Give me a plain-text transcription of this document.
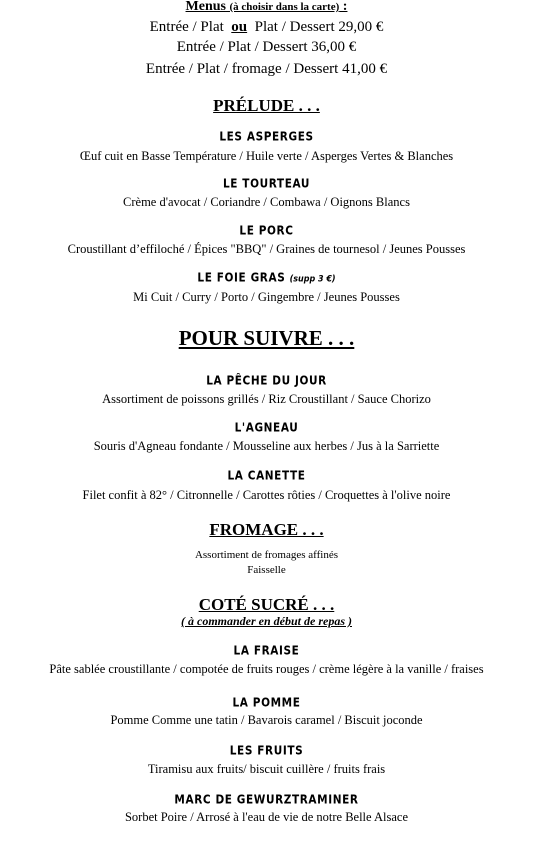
Menus (à choisir dans la carte) :
Entrée / Plat ou Plat / Dessert 29,00 €
Entrée / Plat / Dessert 36,00 €
Entrée / Plat / fromage / Dessert 41,00 €
PRÉLUDE . . .
LES ASPERGES
Œuf cuit en Basse Température / Huile verte / Asperges Vertes & Blanches
LE TOURTEAU
Crème d'avocat / Coriandre / Combawa / Oignons Blancs
LE PORC
Croustillant d’effiloché / Épices "BBQ" / Graines de tournesol / Jeunes Pousses
LE FOIE GRAS (supp 3 €)
Mi Cuit / Curry / Porto / Gingembre / Jeunes Pousses
POUR SUIVRE . . .
LA PÊCHE DU JOUR
Assortiment de poissons grillés / Riz Croustillant / Sauce Chorizo
L'AGNEAU
Souris d'Agneau fondante / Mousseline aux herbes / Jus à la Sarriette
LA CANETTE
Filet confit à 82° / Citronnelle / Carottes rôties / Croquettes à l'olive noire
FROMAGE . . .
Assortiment de fromages affinés
Faisselle
COTÉ SUCRÉ . . .
( à commander en début de repas )
LA FRAISE
Pâte sablée croustillante / compotée de fruits rouges / crème légère à la vanille / fraises
LA POMME
Pomme Comme une tatin / Bavarois caramel / Biscuit joconde
LES FRUITS
Tiramisu aux fruits/ biscuit cuillère / fruits frais
MARC DE GEWURZTRAMINER
Sorbet Poire / Arrosé à l'eau de vie de notre Belle Alsace
